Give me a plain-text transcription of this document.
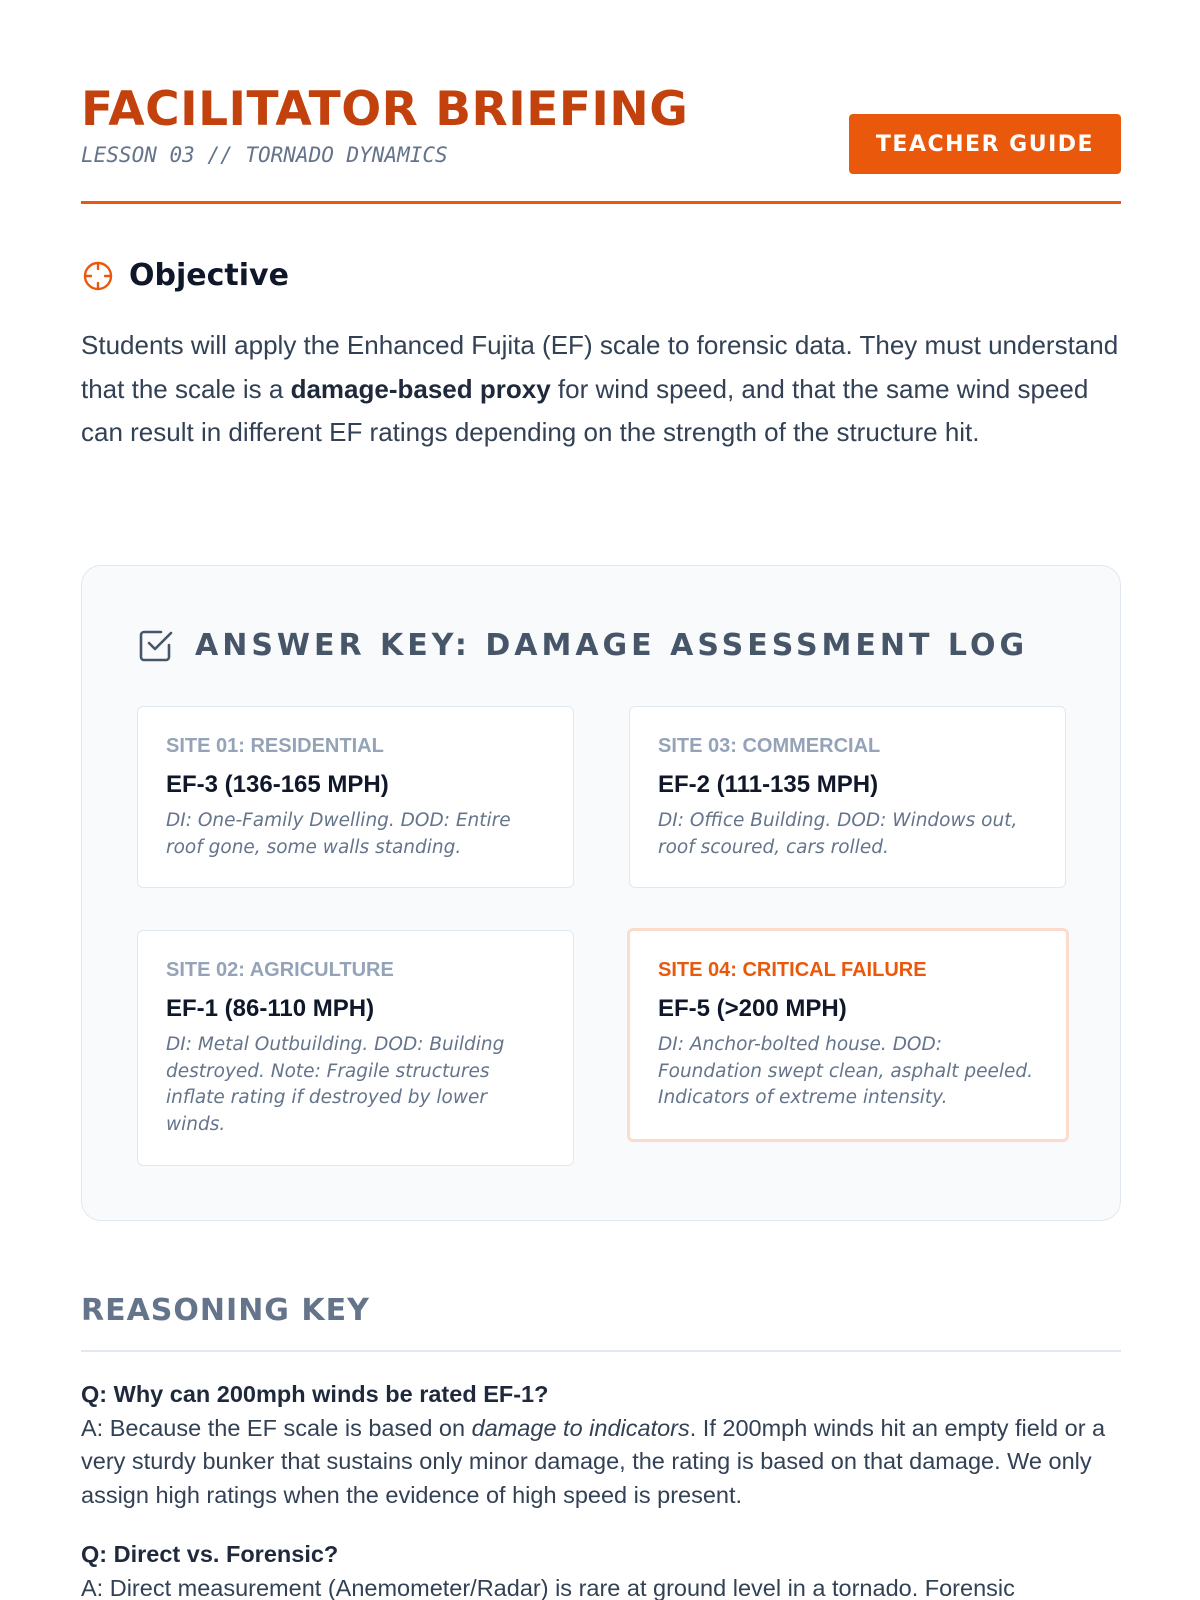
FACILITATOR BRIEFING
LESSON 03 // TORNADO DYNAMICS	TEACHER GUIDE
Objective

Students will apply the Enhanced Fujita (EF) scale to forensic data. They must understand that the scale is a damage-based proxy for wind speed, and that the same wind speed can result in different EF ratings depending on the strength of the structure hit.

ANSWER KEY: DAMAGE ASSESSMENT LOG
SITE 01: RESIDENTIAL
EF-3 (136-165 MPH)
DI: One-Family Dwelling. DOD: Entire roof gone, some walls standing.
SITE 03: COMMERCIAL
EF-2 (111-135 MPH)
DI: Office Building. DOD: Windows out, roof scoured, cars rolled.
SITE 02: AGRICULTURE
EF-1 (86-110 MPH)
DI: Metal Outbuilding. DOD: Building destroyed. Note: Fragile structures inflate rating if destroyed by lower winds.
SITE 04: CRITICAL FAILURE
EF-5 (>200 MPH)
DI: Anchor-bolted house. DOD: Foundation swept clean, asphalt peeled. Indicators of extreme intensity.
REASONING KEY
Q: Why can 200mph winds be rated EF-1?
A: Because the EF scale is based on damage to indicators. If 200mph winds hit an empty field or a very sturdy bunker that sustains only minor damage, the rating is based on that damage. We only assign high ratings when the evidence of high speed is present.
Q: Direct vs. Forensic?
A: Direct measurement (Anemometer/Radar) is rare at ground level in a tornado. Forensic
